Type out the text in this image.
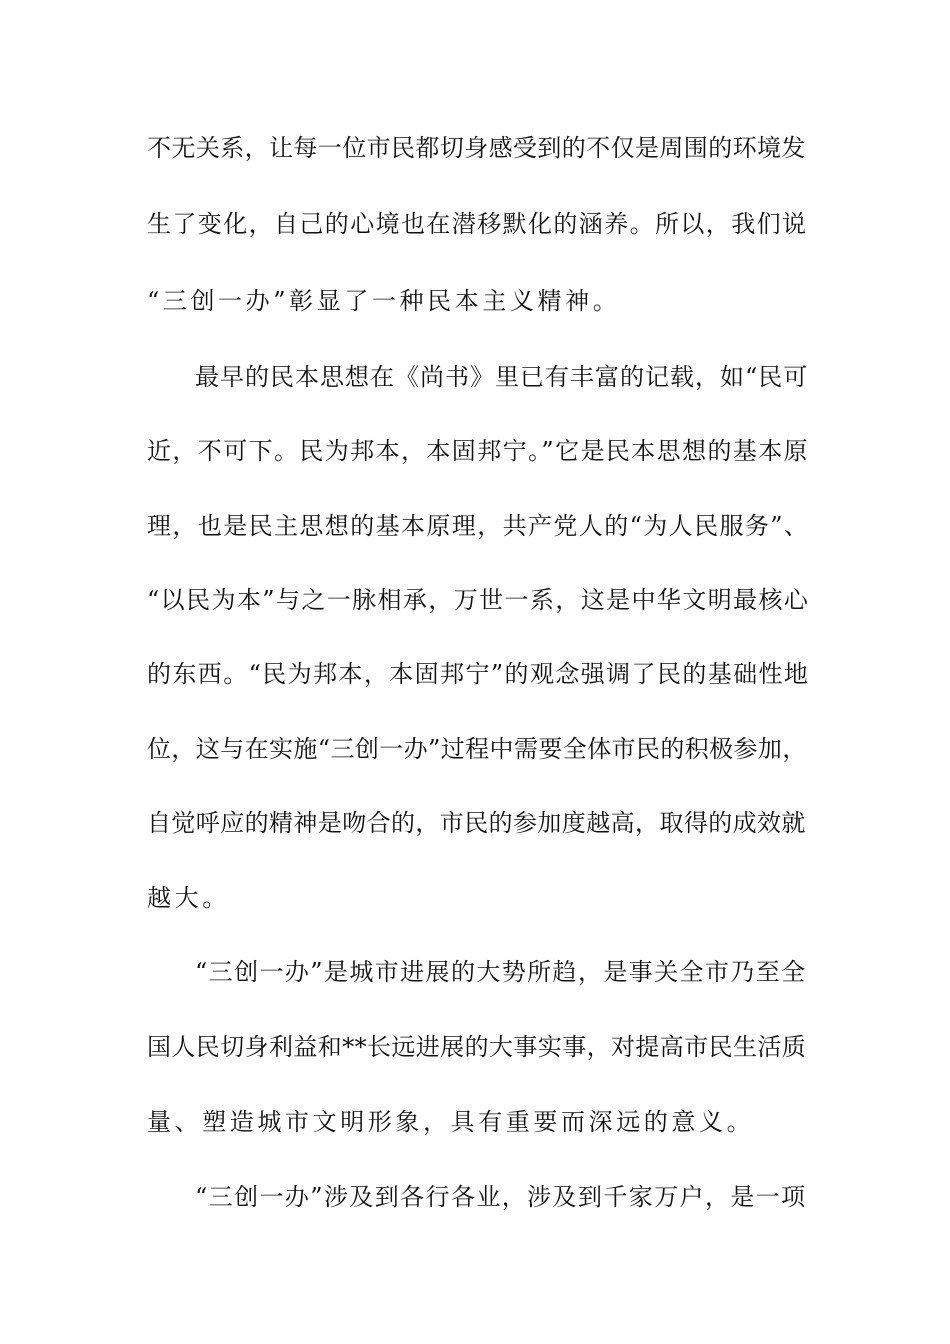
不无关系，让每一位市民都切身感受到的不仅是周围的环境发
生了变化，自己的心境也在潜移默化的涵养。所以，我们说
“三创一办”彰显了一种民本主义精神。
最早的民本思想在《尚书》里已有丰富的记载，如“民可
近，不可下。民为邦本，本固邦宁。”它是民本思想的基本原
理，也是民主思想的基本原理，共产党人的“为人民服务”、
“以民为本”与之一脉相承，万世一系，这是中华文明最核心
的东西。“民为邦本，本固邦宁”的观念强调了民的基础性地
位，这与在实施“三创一办”过程中需要全体市民的积极参加，
自觉呼应的精神是吻合的，市民的参加度越高，取得的成效就
越大。
“三创一办”是城市进展的大势所趋，是事关全市乃至全
国人民切身利益和**长远进展的大事实事，对提高市民生活质
量、塑造城市文明形象，具有重要而深远的意义。
“三创一办”涉及到各行各业，涉及到千家万户，是一项
